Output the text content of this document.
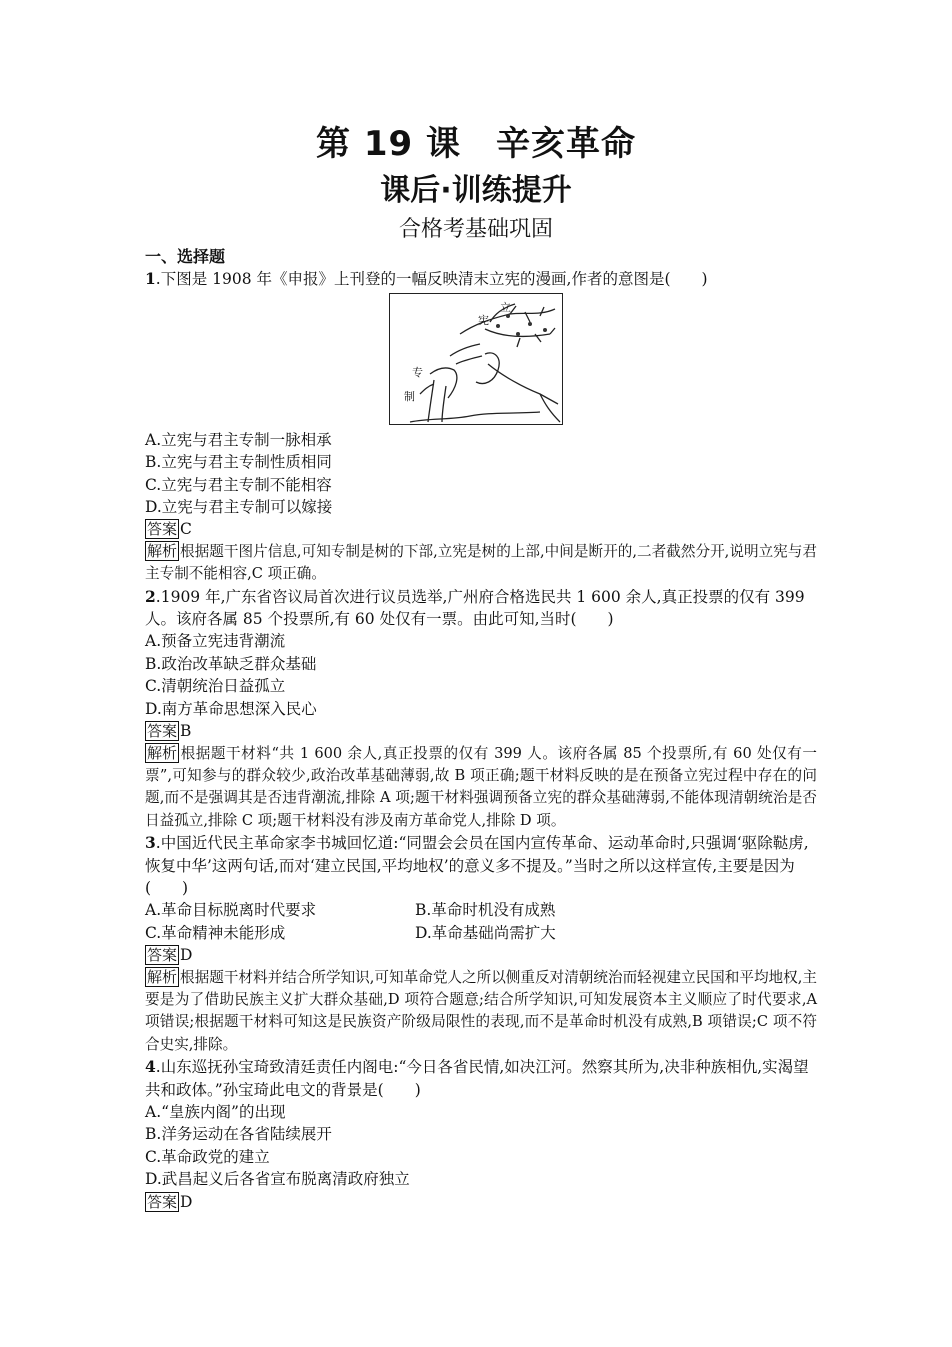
第 19 课　辛亥革命
课后·训练提升
合格考基础巩固
一、选择题
1.下图是 1908 年《申报》上刊登的一幅反映清末立宪的漫画,作者的意图是(　　)
立
宪
专
制
A.立宪与君主专制一脉相承
B.立宪与君主专制性质相同
C.立宪与君主专制不能相容
D.立宪与君主专制可以嫁接
答案 C
解析 根据题干图片信息,可知专制是树的下部,立宪是树的上部,中间是断开的,二者截然分开,说明立宪与君主专制不能相容,C 项正确。
2.1909 年,广东省咨议局首次进行议员选举,广州府合格选民共 1 600 余人,真正投票的仅有 399 人。该府各属 85 个投票所,有 60 处仅有一票。由此可知,当时(　　)
A.预备立宪违背潮流
B.政治改革缺乏群众基础
C.清朝统治日益孤立
D.南方革命思想深入民心
答案 B
解析 根据题干材料“共 1 600 余人,真正投票的仅有 399 人。该府各属 85 个投票所,有 60 处仅有一票”,可知参与的群众较少,政治改革基础薄弱,故 B 项正确;题干材料反映的是在预备立宪过程中存在的问题,而不是强调其是否违背潮流,排除 A 项;题干材料强调预备立宪的群众基础薄弱,不能体现清朝统治是否日益孤立,排除 C 项;题干材料没有涉及南方革命党人,排除 D 项。
3.中国近代民主革命家李书城回忆道:“同盟会会员在国内宣传革命、运动革命时,只强调‘驱除鞑虏,恢复中华’这两句话,而对‘建立民国,平均地权’的意义多不提及。”当时之所以这样宣传,主要是因为(　　)
A.革命目标脱离时代要求	B.革命时机没有成熟
C.革命精神未能形成	D.革命基础尚需扩大
答案 D
解析 根据题干材料并结合所学知识,可知革命党人之所以侧重反对清朝统治而轻视建立民国和平均地权,主要是为了借助民族主义扩大群众基础,D 项符合题意;结合所学知识,可知发展资本主义顺应了时代要求,A 项错误;根据题干材料可知这是民族资产阶级局限性的表现,而不是革命时机没有成熟,B 项错误;C 项不符合史实,排除。
4.山东巡抚孙宝琦致清廷责任内阁电:“今日各省民情,如决江河。然察其所为,决非种族相仇,实渴望共和政体。”孙宝琦此电文的背景是(　　)
A.“皇族内阁”的出现
B.洋务运动在各省陆续展开
C.革命政党的建立
D.武昌起义后各省宣布脱离清政府独立
答案 D
